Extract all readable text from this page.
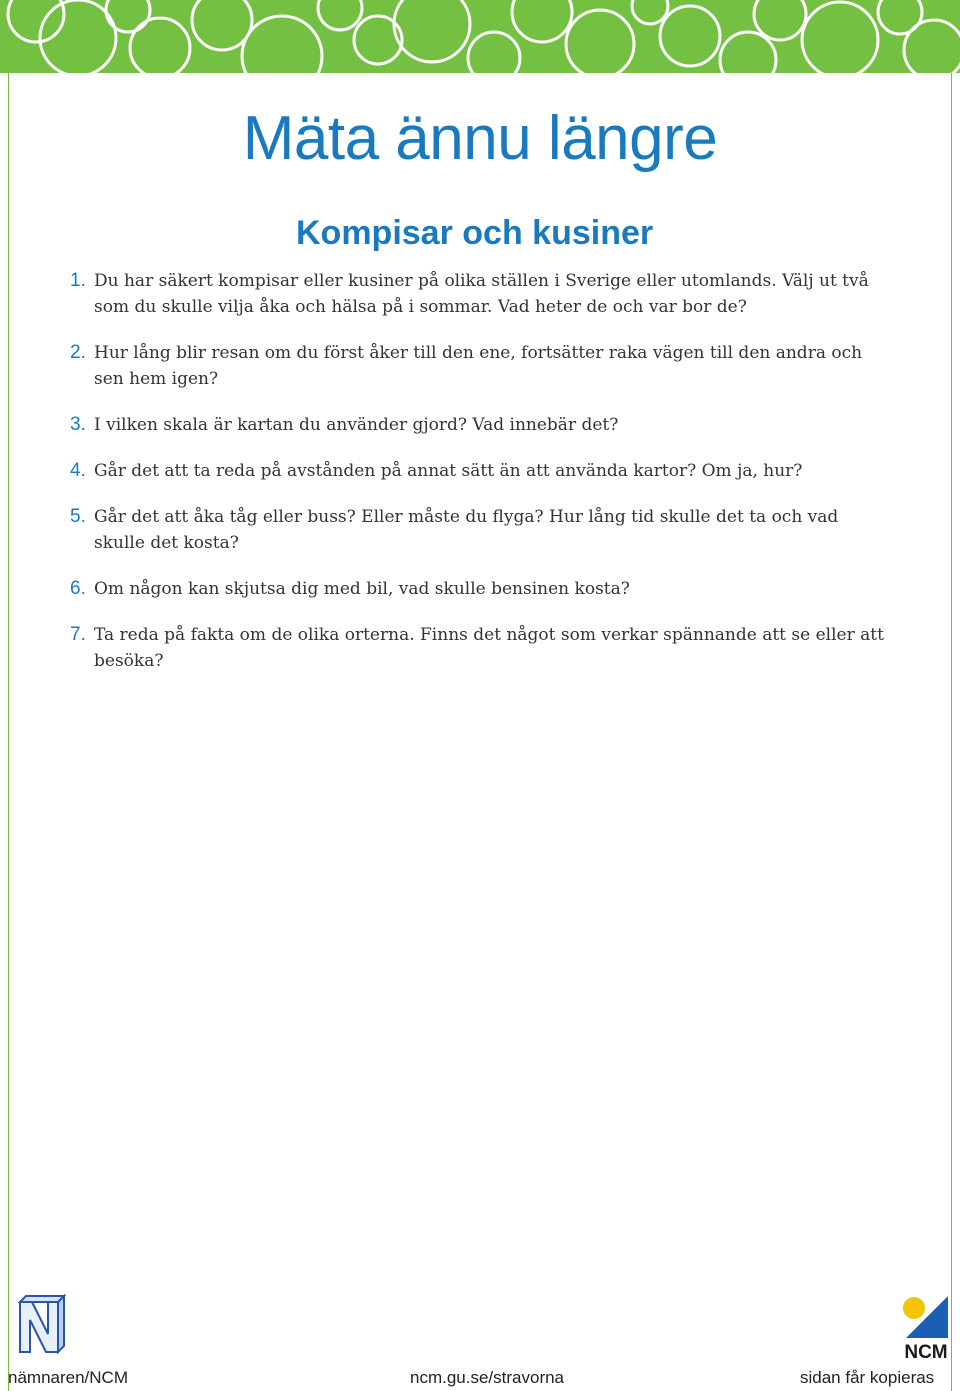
Mäta ännu längre
Kompisar och kusiner
1. Du har säkert kompisar eller kusiner på olika ställen i Sverige eller utomlands. Välj ut två som du skulle vilja åka och hälsa på i sommar. Vad heter de och var bor de?
2. Hur lång blir resan om du först åker till den ene, fortsätter raka vägen till den andra och sen hem igen?
3. I vilken skala är kartan du använder gjord? Vad innebär det?
4. Går det att ta reda på avstånden på annat sätt än att använda kartor? Om ja, hur?
5. Går det att åka tåg eller buss? Eller måste du flyga? Hur lång tid skulle det ta och vad skulle det kosta?
6. Om någon kan skjutsa dig med bil, vad skulle bensinen kosta?
7. Ta reda på fakta om de olika orterna. Finns det något som verkar spännande att se eller att besöka?
NCM
nämnaren/NCM	ncm.gu.se/stravorna	sidan får kopieras
